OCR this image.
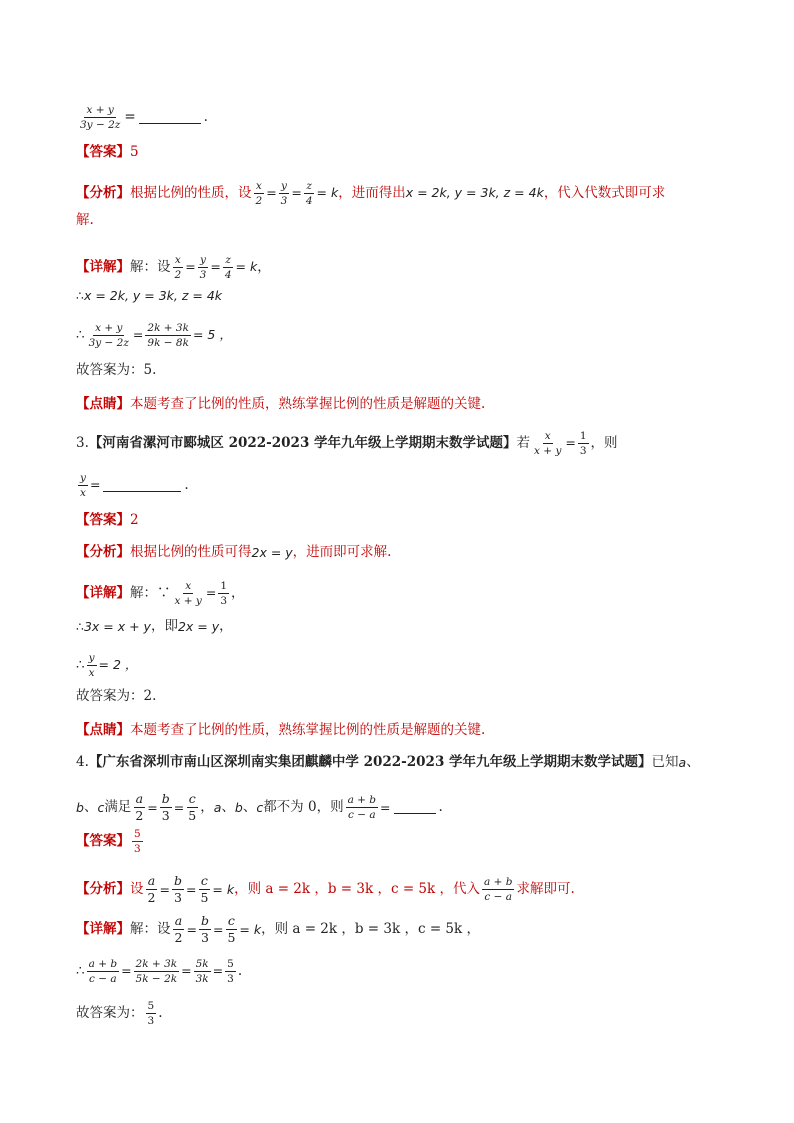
$\frac{x + y}{3y - 2z}$ =	.
【答案】 5
【分析】 根据比例的性质，设 $\frac{x}{2} = \frac{y}{3} = \frac{z}{4} = k$ ，进而得出 x = 2k, y = 3k, z = 4k ，代入代数式即可求
解.
【详解】 解：设 $\frac{x}{2} = \frac{y}{3} = \frac{z}{4} = k$ ，
∴x = 2k, y = 3k, z = 4k
∴ $\frac{x + y}{3y - 2z} = \frac{2k + 3k}{9k - 8k} = 5$ ，
故答案为：5.
【点睛】 本题考查了比例的性质，熟练掌握比例的性质是解题的关键.
3. 【河南省漯河市郾城区 2022-2023 学年九年级上学期期末数学试题】 若 $\frac{x}{x + y} = \frac{1}{3}$ ，则
$\frac{y}{x}$ =	.
【答案】 2
【分析】 根据比例的性质可得 2x = y ，进而即可求解.
【详解】 解：∵ $\frac{x}{x + y} = \frac{1}{3}$ ，
∴3x = x + y ，即 2x = y ，
∴ $\frac{y}{x} = 2$ ，
故答案为：2.
【点睛】 本题考查了比例的性质，熟练掌握比例的性质是解题的关键.
4. 【广东省深圳市南山区深圳南实集团麒麟中学 2022-2023 学年九年级上学期期末数学试题】 已知 a 、
b 、 c 满足 $\frac{a}{2} = \frac{b}{3} = \frac{c}{5}$ ， a 、 b 、 c 都不为 0，则 $\frac{a + b}{c - a}$ =	.
【答案】 $\frac{5}{3}$
【分析】 设 $\frac{a}{2} = \frac{b}{3} = \frac{c}{5} = k$ ，则 a = 2k ，b = 3k ，c = 5k ，代入 $\frac{a + b}{c - a}$ 求解即可.
【详解】 解：设 $\frac{a}{2} = \frac{b}{3} = \frac{c}{5} = k$ ，则 a = 2k ，b = 3k ，c = 5k ，
∴ $\frac{a + b}{c - a} = \frac{2k + 3k}{5k - 2k} = \frac{5k}{3k} = \frac{5}{3}$ .
故答案为： $\frac{5}{3}$ .
